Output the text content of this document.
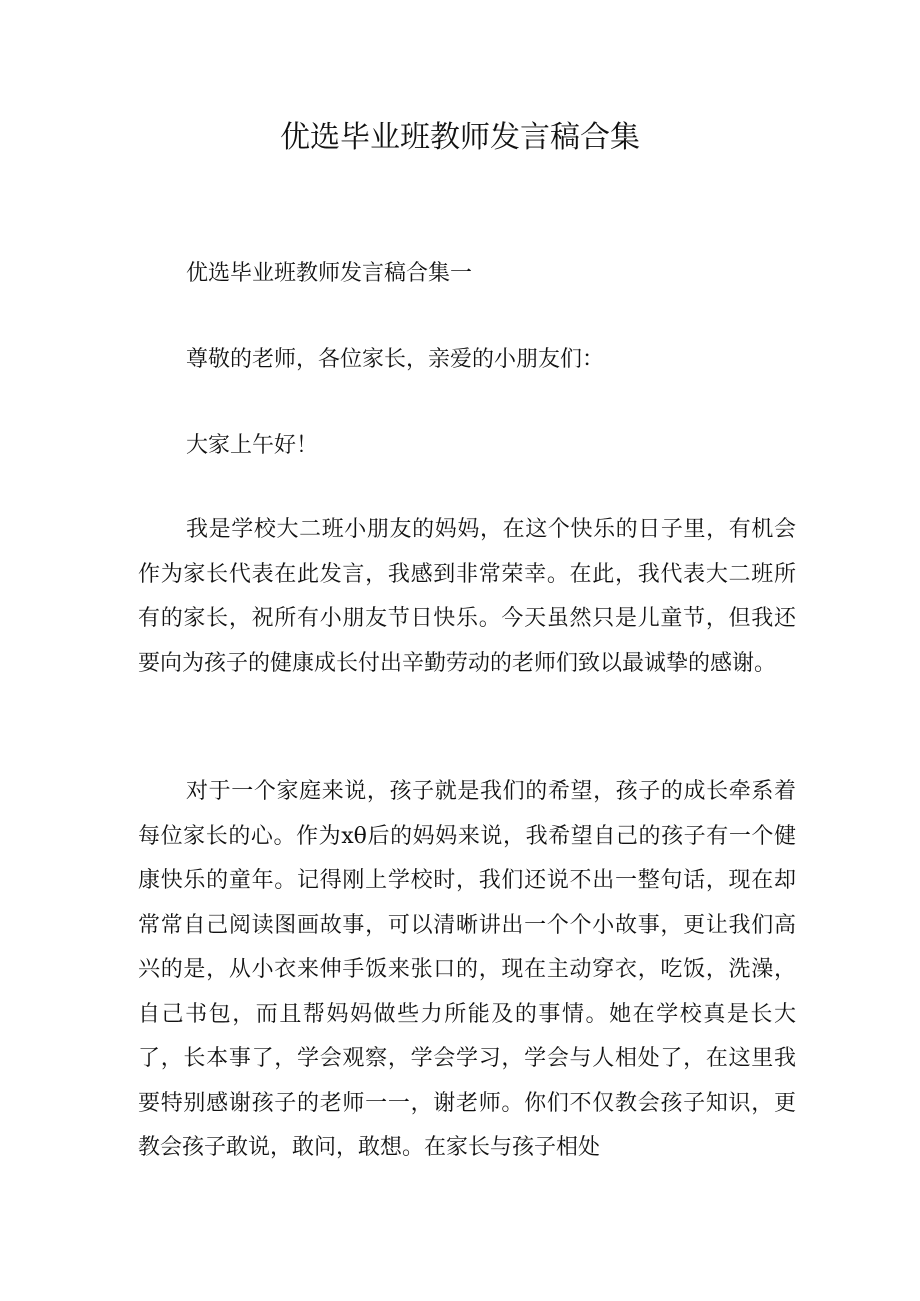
优选毕业班教师发言稿合集

优选毕业班教师发言稿合集一

尊敬的老师，各位家长，亲爱的小朋友们：

大家上午好！

我是学校大二班小朋友的妈妈，在这个快乐的日子里，有机会作为家长代表在此发言，我感到非常荣幸。在此，我代表大二班所有的家长，祝所有小朋友节日快乐。今天虽然只是儿童节，但我还要向为孩子的健康成长付出辛勤劳动的老师们致以最诚挚的感谢。

对于一个家庭来说，孩子就是我们的希望，孩子的成长牵系着每位家长的心。作为xθ后的妈妈来说，我希望自己的孩子有一个健康快乐的童年。记得刚上学校时，我们还说不出一整句话，现在却常常自己阅读图画故事，可以清晰讲出一个个小故事，更让我们高兴的是，从小衣来伸手饭来张口的，现在主动穿衣，吃饭，洗澡，自己书包，而且帮妈妈做些力所能及的事情。她在学校真是长大了，长本事了，学会观察，学会学习，学会与人相处了，在这里我要特别感谢孩子的老师一一，谢老师。你们不仅教会孩子知识，更教会孩子敢说，敢问，敢想。在家长与孩子相处
